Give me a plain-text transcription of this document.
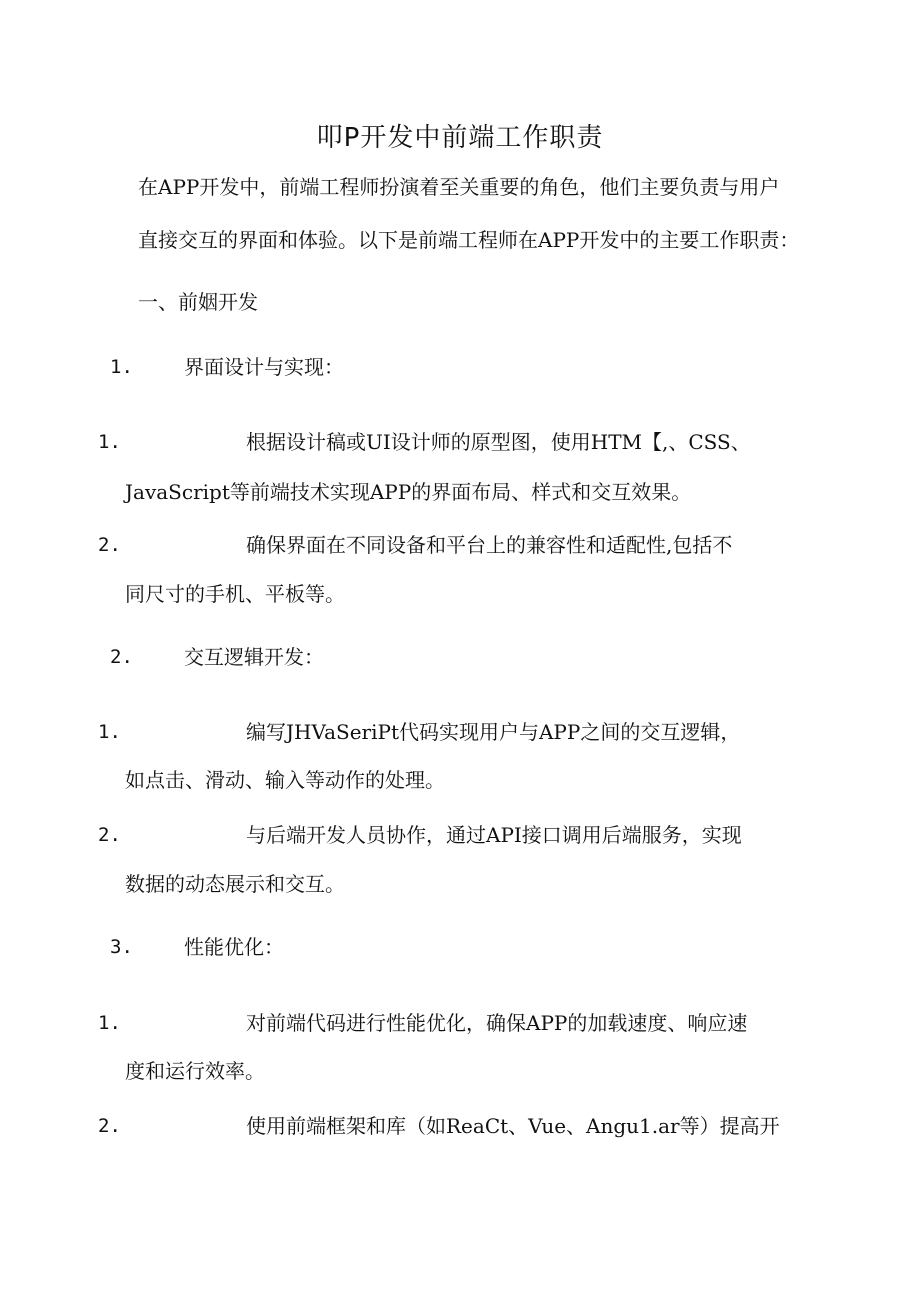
叩P开发中前端工作职责
在APP开发中，前端工程师扮演着至关重要的角色，他们主要负责与用户
直接交互的界面和体验。以下是前端工程师在APP开发中的主要工作职责：
一、前姻开发
1.	界面设计与实现：
1.	根据设计稿或UI设计师的原型图，使用HTM【,、CSS、
JavaScript等前端技术实现APP的界面布局、样式和交互效果。
2.	确保界面在不同设备和平台上的兼容性和适配性,包括不
同尺寸的手机、平板等。
2.	交互逻辑开发：
1.	编写JHVaSeriPt代码实现用户与APP之间的交互逻辑，
如点击、滑动、输入等动作的处理。
2.	与后端开发人员协作，通过API接口调用后端服务，实现
数据的动态展示和交互。
3.	性能优化：
1.	对前端代码进行性能优化，确保APP的加载速度、响应速
度和运行效率。
2.	使用前端框架和库（如ReaCt、Vue、Angu1.ar等）提高开
